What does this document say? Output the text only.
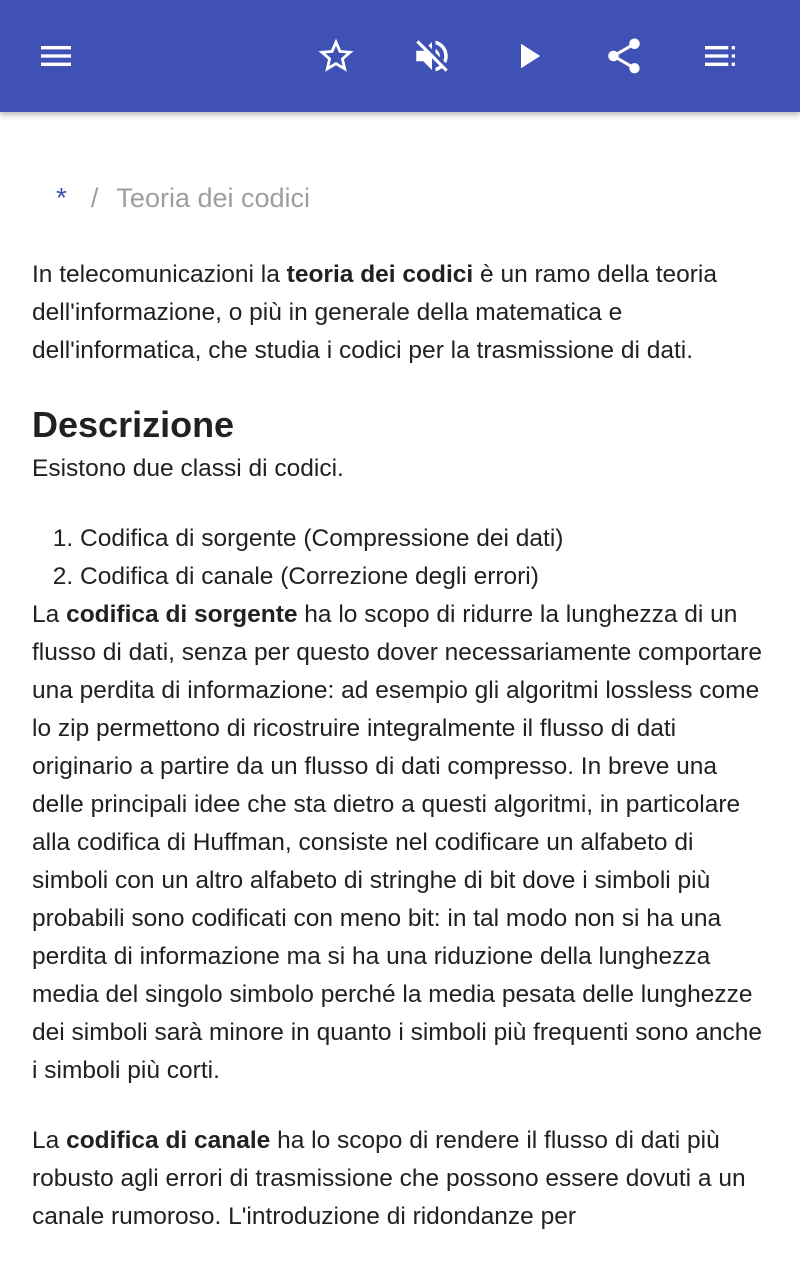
* / Teoria dei codici

In telecomunicazioni la teoria dei codici è un ramo della teoria dell'informazione, o più in generale della matematica e dell'informatica, che studia i codici per la trasmissione di dati.

Descrizione

Esistono due classi di codici.

1. Codifica di sorgente (Compressione dei dati)
2. Codifica di canale (Correzione degli errori)

La codifica di sorgente ha lo scopo di ridurre la lunghezza di un flusso di dati, senza per questo dover necessariamente comportare una perdita di informazione: ad esempio gli algoritmi lossless come lo zip permettono di ricostruire integralmente il flusso di dati originario a partire da un flusso di dati compresso. In breve una delle principali idee che sta dietro a questi algoritmi, in particolare alla codifica di Huffman, consiste nel codificare un alfabeto di simboli con un altro alfabeto di stringhe di bit dove i simboli più probabili sono codificati con meno bit: in tal modo non si ha una perdita di informazione ma si ha una riduzione della lunghezza media del singolo simbolo perché la media pesata delle lunghezze dei simboli sarà minore in quanto i simboli più frequenti sono anche i simboli più corti.

La codifica di canale ha lo scopo di rendere il flusso di dati più robusto agli errori di trasmissione che possono essere dovuti a un canale rumoroso. L'introduzione di ridondanze per
